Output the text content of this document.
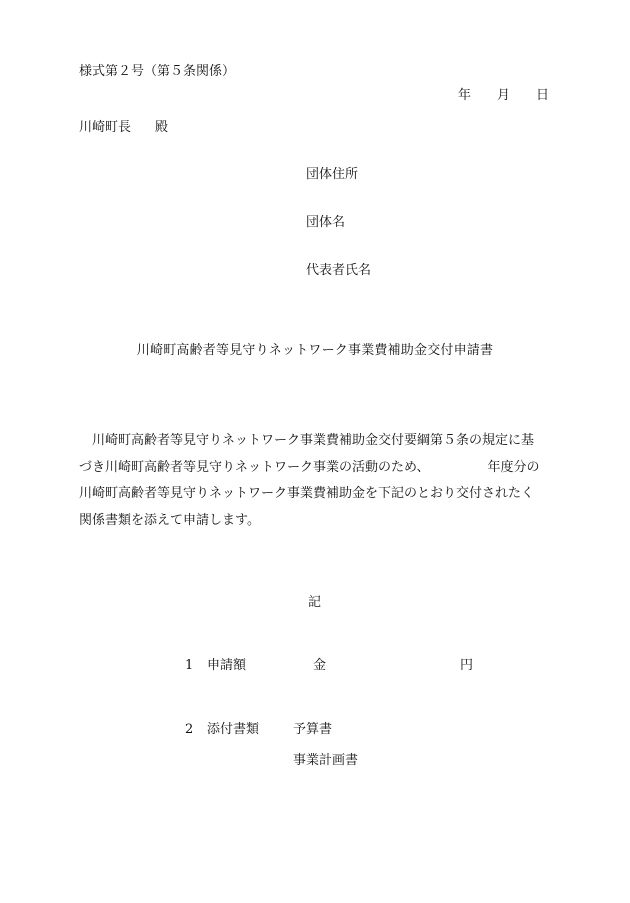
様式第２号（第５条関係）
年 月 日
川崎町長 殿
団体住所
団体名
代表者氏名
川崎町高齢者等見守りネットワーク事業費補助金交付申請書
　川崎町高齢者等見守りネットワーク事業費補助金交付要綱第５条の規定に基
づき川崎町高齢者等見守りネットワーク事業の活動のため、	年度分の
川崎町高齢者等見守りネットワーク事業費補助金を下記のとおり交付されたく
関係書類を添えて申請します。
記
1 申請額	金	円
2 添付書類	予算書
事業計画書
